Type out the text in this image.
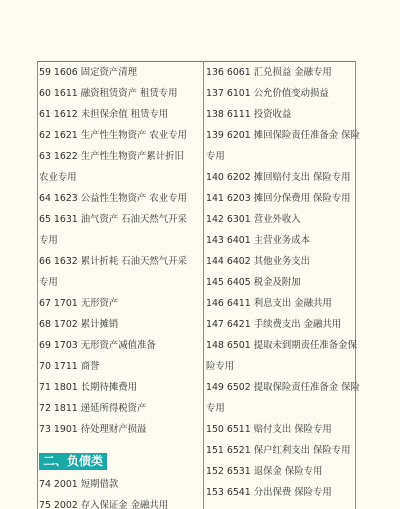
59 1606 固定资产清理
60 1611 融资租赁资产 租赁专用
61 1612 未担保余值 租赁专用
62 1621 生产性生物资产 农业专用
63 1622 生产性生物资产累计折旧
农业专用
64 1623 公益性生物资产 农业专用
65 1631 油气资产 石油天然气开采
专用
66 1632 累计折耗 石油天然气开采
专用
67 1701 无形资产
68 1702 累计摊销
69 1703 无形资产减值准备
70 1711 商誉
71 1801 长期待摊费用
72 1811 递延所得税资产
73 1901 待处理财产损溢
二、负债类
74 2001 短期借款
75 2002 存入保证金 金融共用
136 6061 汇兑损益 金融专用
137 6101 公允价值变动损益
138 6111 投资收益
139 6201 摊回保险责任准备金 保险
专用
140 6202 摊回赔付支出 保险专用
141 6203 摊回分保费用 保险专用
142 6301 营业外收入
143 6401 主营业务成本
144 6402 其他业务支出
145 6405 税金及附加
146 6411 利息支出 金融共用
147 6421 手续费支出 金融共用
148 6501 提取未到期责任准备金保
险专用
149 6502 提取保险责任准备金 保险
专用
150 6511 赔付支出 保险专用
151 6521 保户红利支出 保险专用
152 6531 退保金 保险专用
153 6541 分出保费 保险专用
